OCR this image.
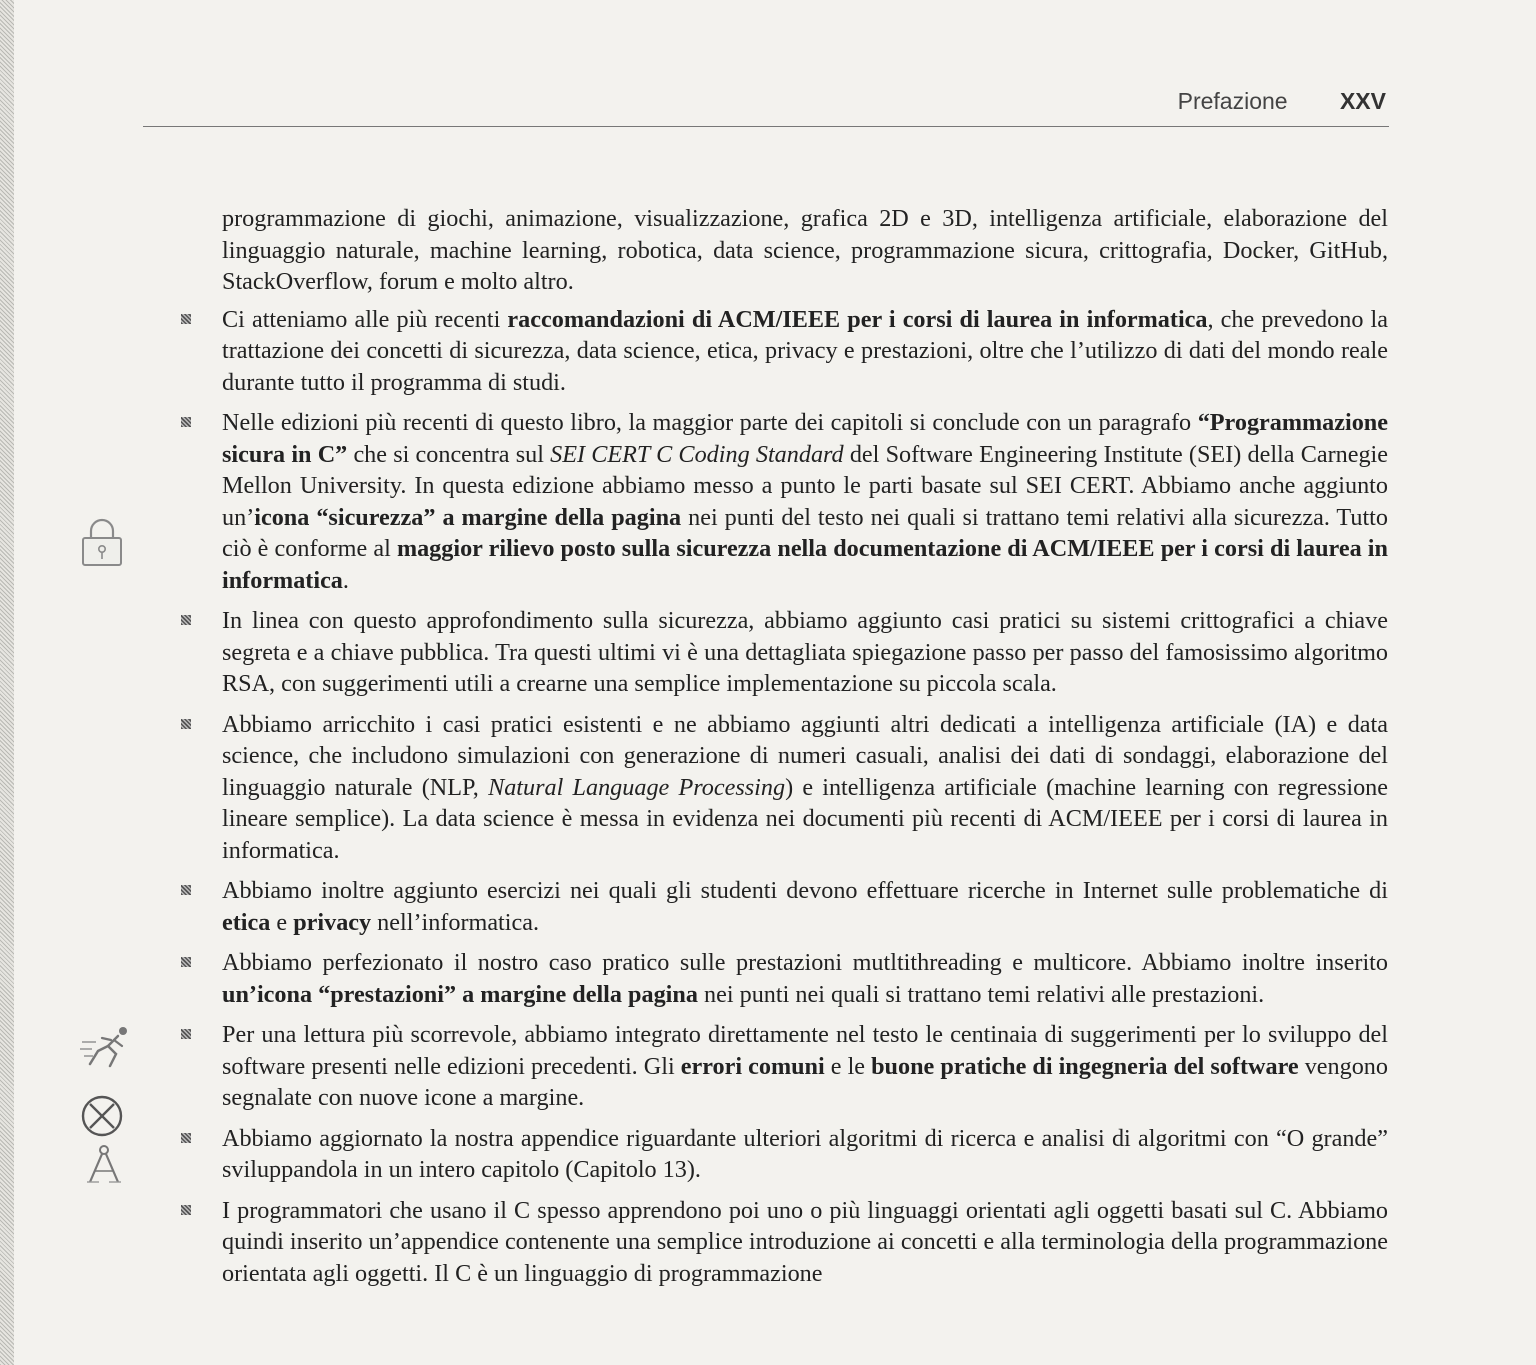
Prefazione XXV

programmazione di giochi, animazione, visualizzazione, grafica 2D e 3D, intelligenza artificiale, elaborazione del linguaggio naturale, machine learning, robotica, data science, programmazione sicura, crittografia, Docker, GitHub, StackOverflow, forum e molto altro.

Ci atteniamo alle più recenti raccomandazioni di ACM/IEEE per i corsi di laurea in informatica, che prevedono la trattazione dei concetti di sicurezza, data science, etica, privacy e prestazioni, oltre che l’utilizzo di dati del mondo reale durante tutto il programma di studi.
Nelle edizioni più recenti di questo libro, la maggior parte dei capitoli si conclude con un paragrafo “Programmazione sicura in C” che si concentra sul SEI CERT C Coding Standard del Software Engineering Institute (SEI) della Carnegie Mellon University. In questa edizione abbiamo messo a punto le parti basate sul SEI CERT. Abbiamo anche aggiunto un’icona “sicurezza” a margine della pagina nei punti del testo nei quali si trattano temi relativi alla sicurezza. Tutto ciò è conforme al maggior rilievo posto sulla sicurezza nella documentazione di ACM/IEEE per i corsi di laurea in informatica.
In linea con questo approfondimento sulla sicurezza, abbiamo aggiunto casi pratici su sistemi crittografici a chiave segreta e a chiave pubblica. Tra questi ultimi vi è una dettagliata spiegazione passo per passo del famosissimo algoritmo RSA, con suggerimenti utili a crearne una semplice implementazione su piccola scala.
Abbiamo arricchito i casi pratici esistenti e ne abbiamo aggiunti altri dedicati a intelligenza artificiale (IA) e data science, che includono simulazioni con generazione di numeri casuali, analisi dei dati di sondaggi, elaborazione del linguaggio naturale (NLP, Natural Language Processing) e intelligenza artificiale (machine learning con regressione lineare semplice). La data science è messa in evidenza nei documenti più recenti di ACM/IEEE per i corsi di laurea in informatica.
Abbiamo inoltre aggiunto esercizi nei quali gli studenti devono effettuare ricerche in Internet sulle problematiche di etica e privacy nell’informatica.
Abbiamo perfezionato il nostro caso pratico sulle prestazioni mutltithreading e multicore. Abbiamo inoltre inserito un’icona “prestazioni” a margine della pagina nei punti nei quali si trattano temi relativi alle prestazioni.
Per una lettura più scorrevole, abbiamo integrato direttamente nel testo le centinaia di suggerimenti per lo sviluppo del software presenti nelle edizioni precedenti. Gli errori comuni e le buone pratiche di ingegneria del software vengono segnalate con nuove icone a margine.
Abbiamo aggiornato la nostra appendice riguardante ulteriori algoritmi di ricerca e analisi di algoritmi con “O grande” sviluppandola in un intero capitolo (Capitolo 13).
I programmatori che usano il C spesso apprendono poi uno o più linguaggi orientati agli oggetti basati sul C. Abbiamo quindi inserito un’appendice contenente una semplice introduzione ai concetti e alla terminologia della programmazione orientata agli oggetti. Il C è un linguaggio di programmazione
